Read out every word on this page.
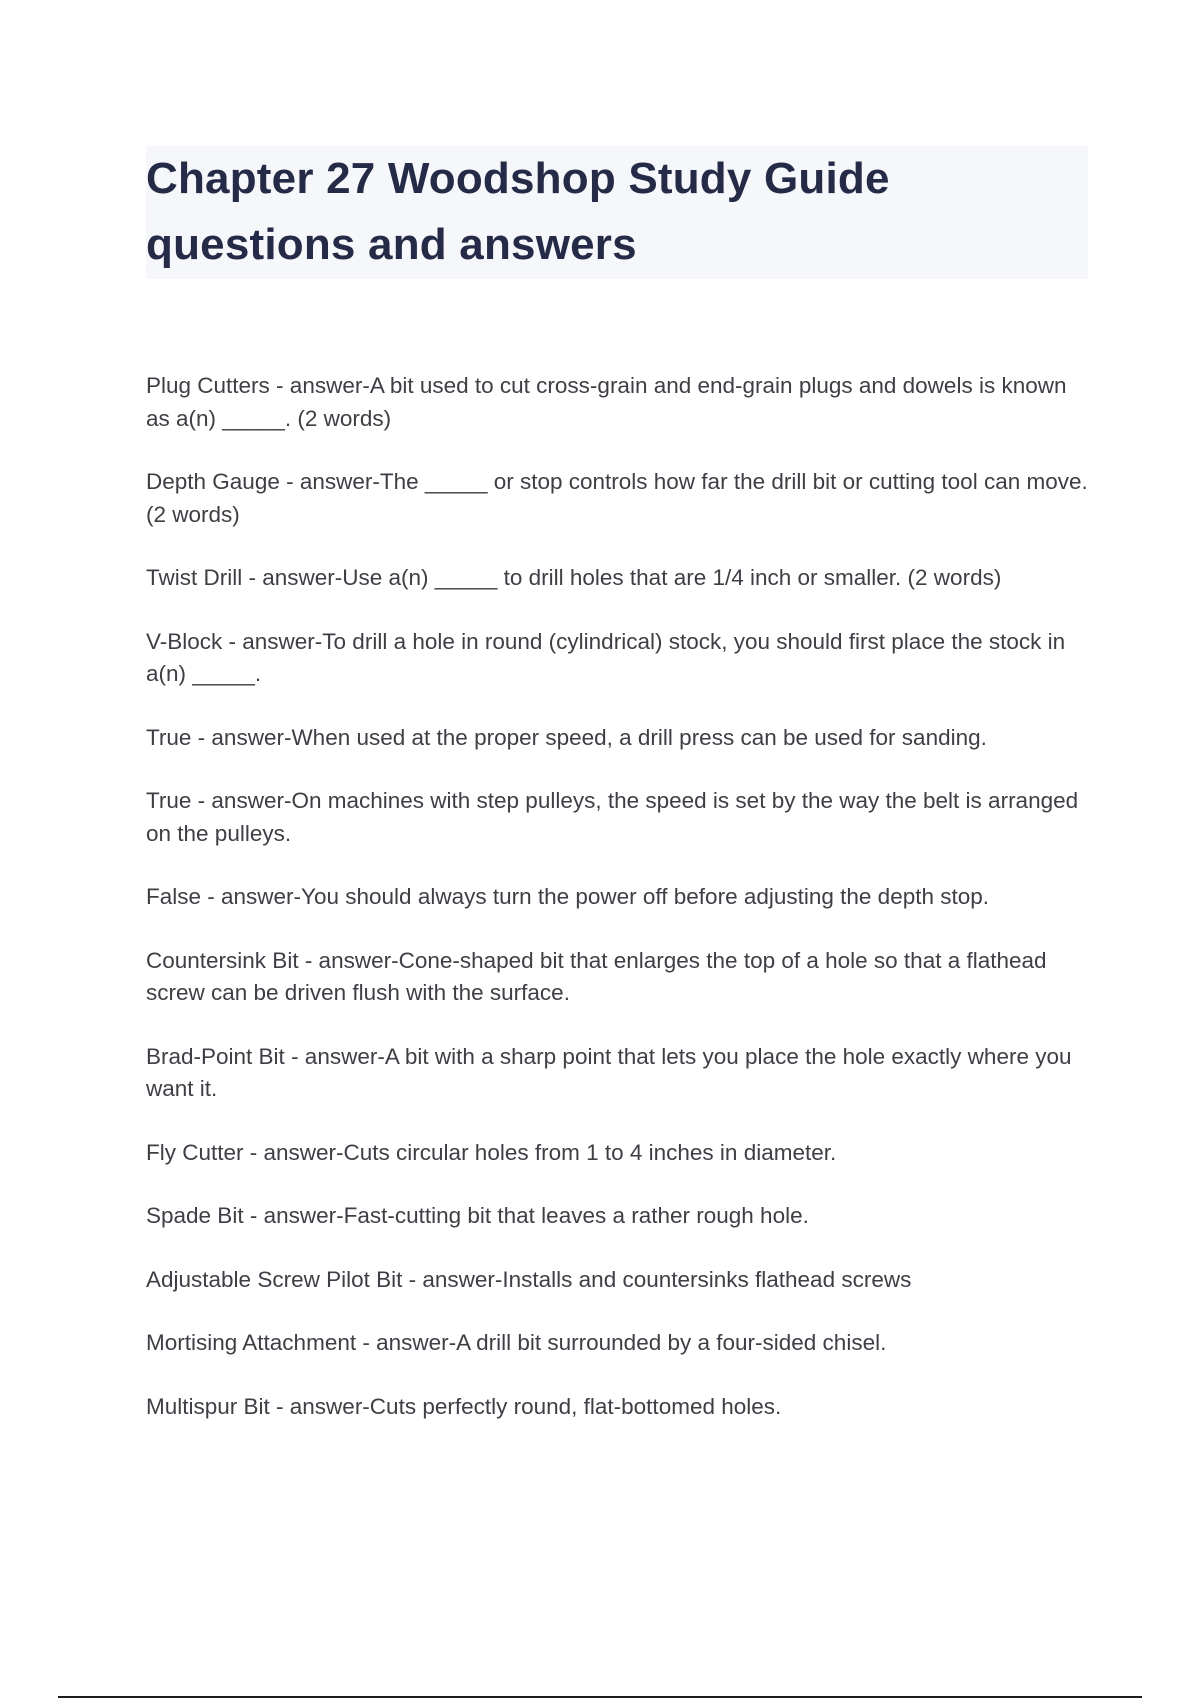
Chapter 27 Woodshop Study Guide questions and answers

Plug Cutters - answer-A bit used to cut cross-grain and end-grain plugs and dowels is known as a(n) _____. (2 words)

Depth Gauge - answer-The _____ or stop controls how far the drill bit or cutting tool can move. (2 words)

Twist Drill - answer-Use a(n) _____ to drill holes that are 1/4 inch or smaller. (2 words)

V-Block - answer-To drill a hole in round (cylindrical) stock, you should first place the stock in a(n) _____.

True - answer-When used at the proper speed, a drill press can be used for sanding.

True - answer-On machines with step pulleys, the speed is set by the way the belt is arranged on the pulleys.

False - answer-You should always turn the power off before adjusting the depth stop.

Countersink Bit - answer-Cone-shaped bit that enlarges the top of a hole so that a flathead screw can be driven flush with the surface.

Brad-Point Bit - answer-A bit with a sharp point that lets you place the hole exactly where you want it.

Fly Cutter - answer-Cuts circular holes from 1 to 4 inches in diameter.

Spade Bit - answer-Fast-cutting bit that leaves a rather rough hole.

Adjustable Screw Pilot Bit - answer-Installs and countersinks flathead screws

Mortising Attachment - answer-A drill bit surrounded by a four-sided chisel.

Multispur Bit - answer-Cuts perfectly round, flat-bottomed holes.
